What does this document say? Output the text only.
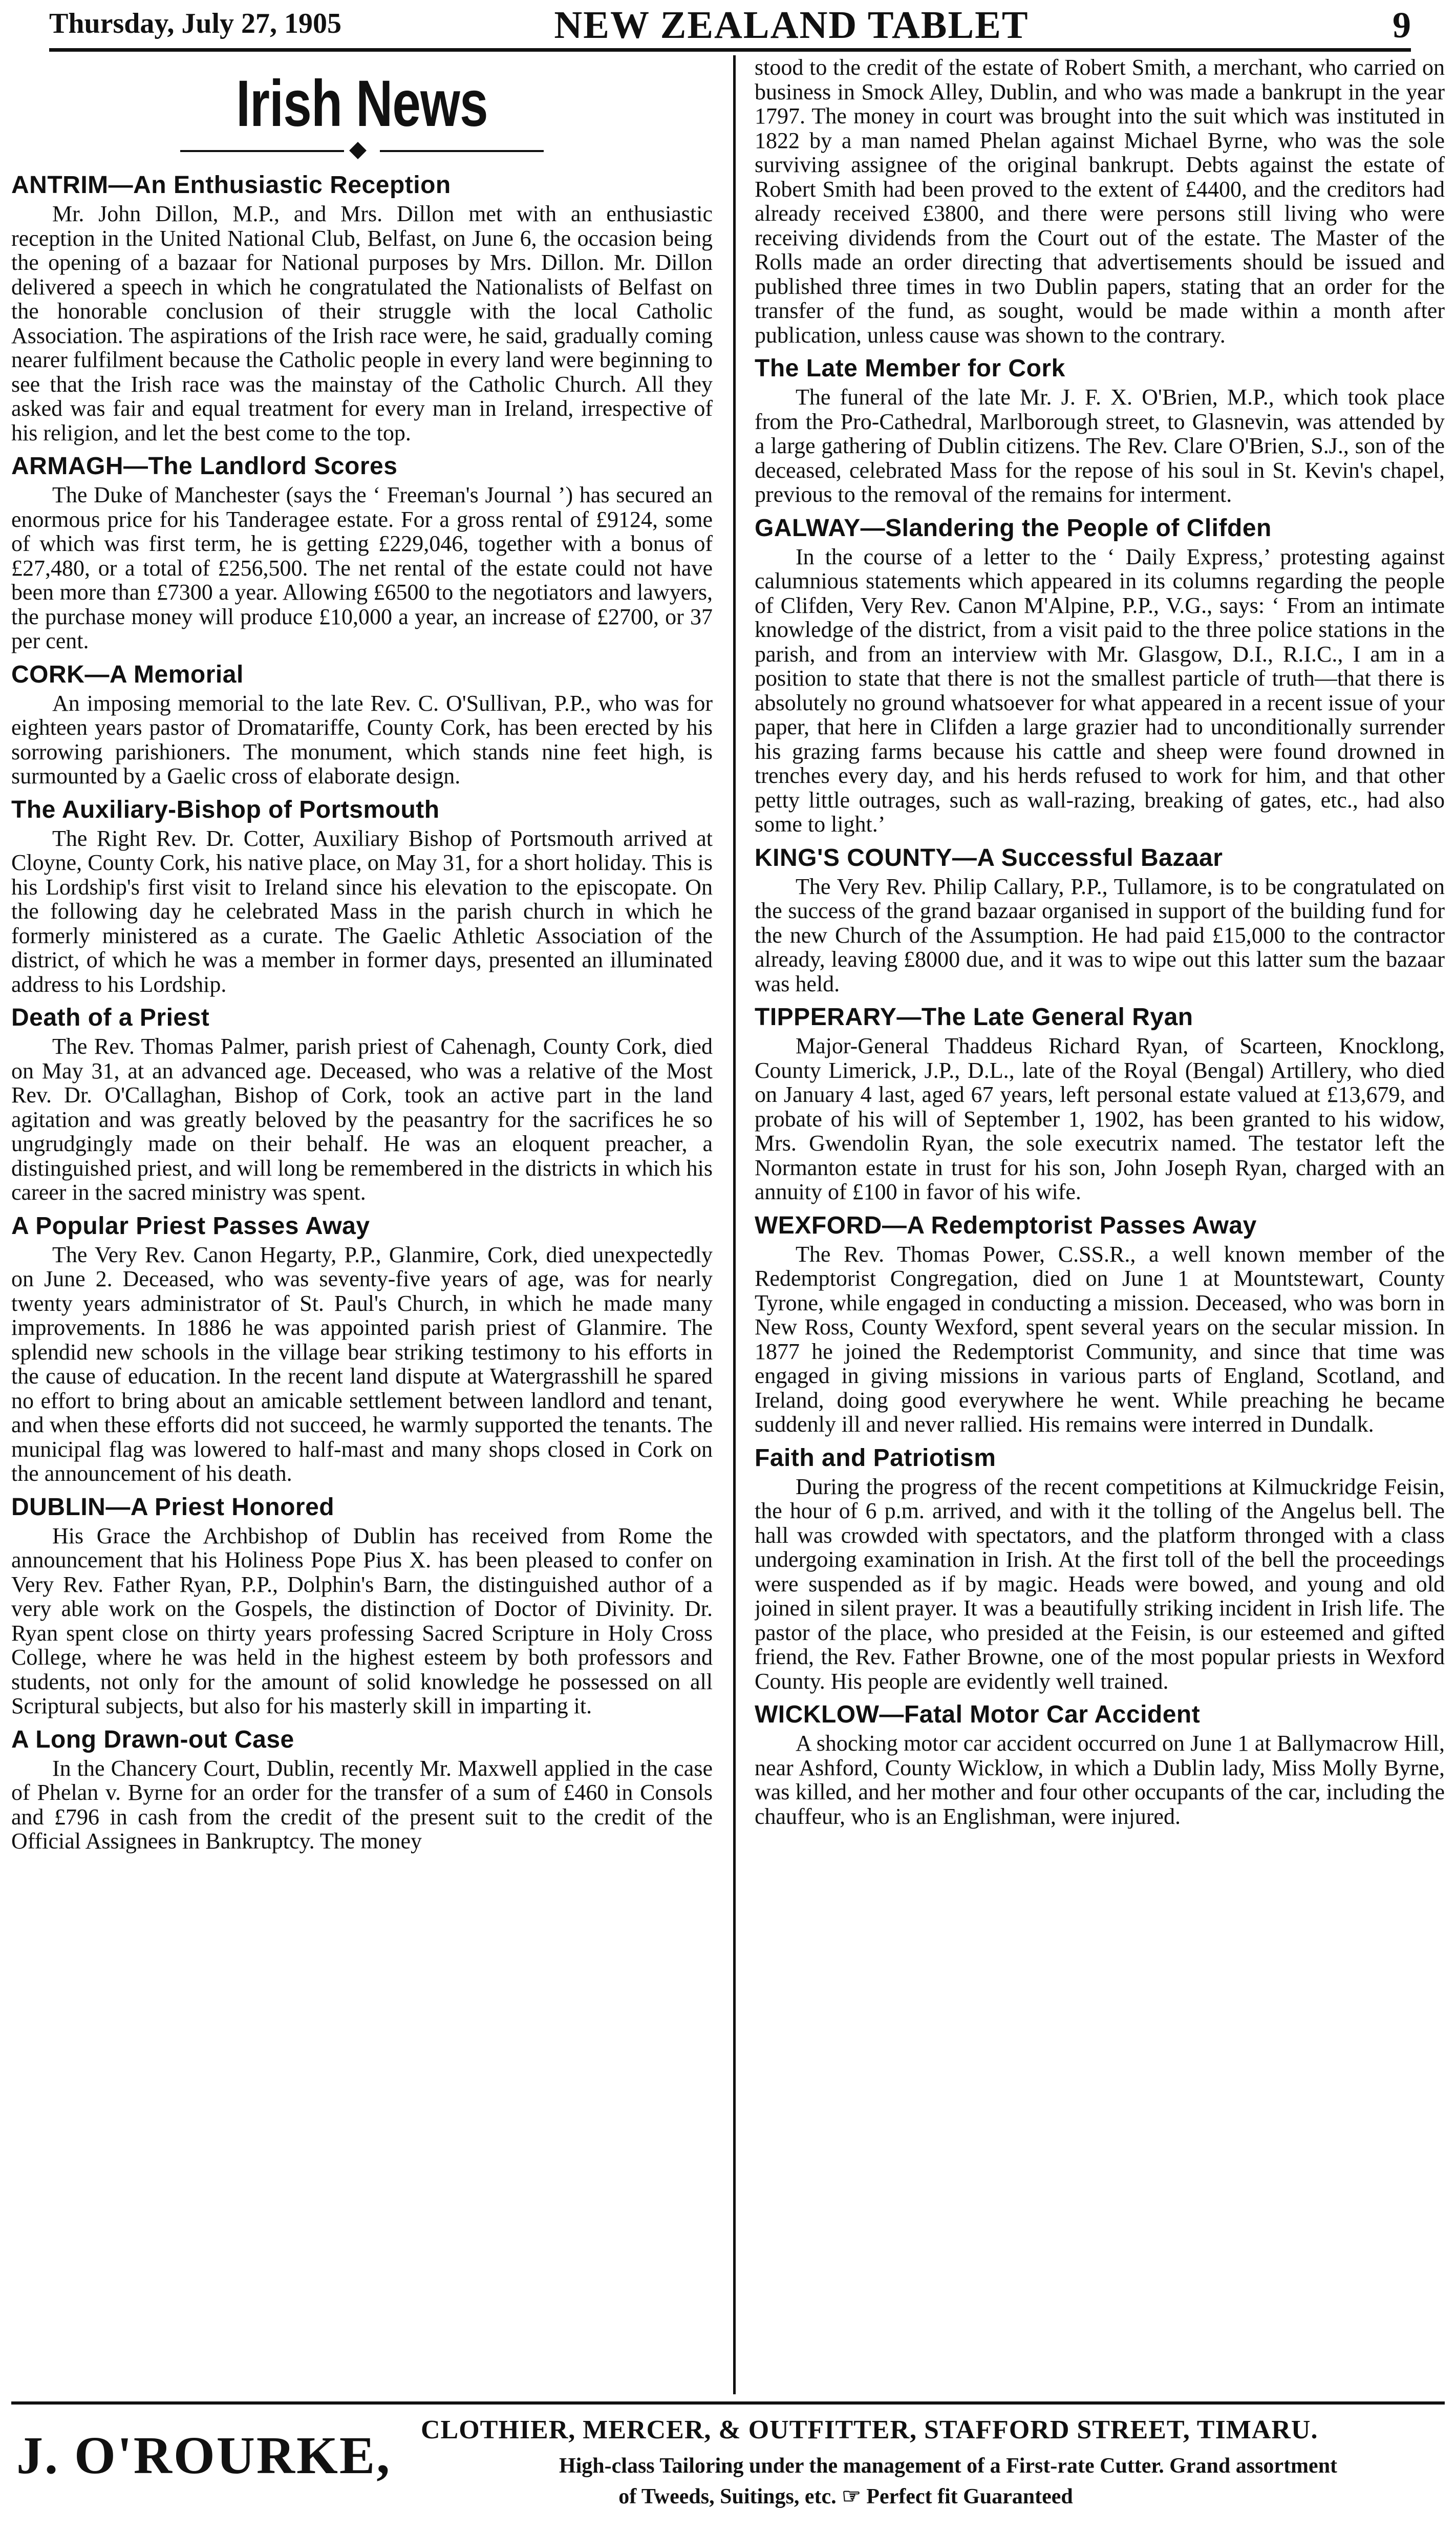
Thursday, July 27, 1905	NEW ZEALAND TABLET	9
Irish News
ANTRIM—An Enthusiastic Reception

Mr. John Dillon, M.P., and Mrs. Dillon met with an enthusiastic reception in the United National Club, Belfast, on June 6, the occasion being the opening of a bazaar for National purposes by Mrs. Dillon. Mr. Dillon delivered a speech in which he congratulated the Nationalists of Belfast on the honorable conclusion of their struggle with the local Catholic Association. The aspirations of the Irish race were, he said, gradually coming nearer fulfilment because the Catholic people in every land were beginning to see that the Irish race was the mainstay of the Catholic Church. All they asked was fair and equal treatment for every man in Ireland, irrespective of his religion, and let the best come to the top.

ARMAGH—The Landlord Scores

The Duke of Manchester (says the ‘ Freeman's Journal ’) has secured an enormous price for his Tanderagee estate. For a gross rental of £9124, some of which was first term, he is getting £229,046, together with a bonus of £27,480, or a total of £256,500. The net rental of the estate could not have been more than £7300 a year. Allowing £6500 to the negotiators and lawyers, the purchase money will produce £10,000 a year, an increase of £2700, or 37 per cent.

CORK—A Memorial

An imposing memorial to the late Rev. C. O'Sullivan, P.P., who was for eighteen years pastor of Dromatariffe, County Cork, has been erected by his sorrowing parishioners. The monument, which stands nine feet high, is surmounted by a Gaelic cross of elaborate design.

The Auxiliary-Bishop of Portsmouth

The Right Rev. Dr. Cotter, Auxiliary Bishop of Portsmouth arrived at Cloyne, County Cork, his native place, on May 31, for a short holiday. This is his Lordship's first visit to Ireland since his elevation to the episcopate. On the following day he celebrated Mass in the parish church in which he formerly ministered as a curate. The Gaelic Athletic Association of the district, of which he was a member in former days, presented an illuminated address to his Lordship.

Death of a Priest

The Rev. Thomas Palmer, parish priest of Cahenagh, County Cork, died on May 31, at an advanced age. Deceased, who was a relative of the Most Rev. Dr. O'Callaghan, Bishop of Cork, took an active part in the land agitation and was greatly beloved by the peasantry for the sacrifices he so ungrudgingly made on their behalf. He was an eloquent preacher, a distinguished priest, and will long be remembered in the districts in which his career in the sacred ministry was spent.

A Popular Priest Passes Away

The Very Rev. Canon Hegarty, P.P., Glanmire, Cork, died unexpectedly on June 2. Deceased, who was seventy-five years of age, was for nearly twenty years administrator of St. Paul's Church, in which he made many improvements. In 1886 he was appointed parish priest of Glanmire. The splendid new schools in the village bear striking testimony to his efforts in the cause of education. In the recent land dispute at Watergrasshill he spared no effort to bring about an amicable settlement between landlord and tenant, and when these efforts did not succeed, he warmly supported the tenants. The municipal flag was lowered to half-mast and many shops closed in Cork on the announcement of his death.

DUBLIN—A Priest Honored

His Grace the Archbishop of Dublin has received from Rome the announcement that his Holiness Pope Pius X. has been pleased to confer on Very Rev. Father Ryan, P.P., Dolphin's Barn, the distinguished author of a very able work on the Gospels, the distinction of Doctor of Divinity. Dr. Ryan spent close on thirty years professing Sacred Scripture in Holy Cross College, where he was held in the highest esteem by both professors and students, not only for the amount of solid knowledge he possessed on all Scriptural subjects, but also for his masterly skill in imparting it.

A Long Drawn-out Case

In the Chancery Court, Dublin, recently Mr. Maxwell applied in the case of Phelan v. Byrne for an order for the transfer of a sum of £460 in Consols and £796 in cash from the credit of the present suit to the credit of the Official Assignees in Bankruptcy. The money

stood to the credit of the estate of Robert Smith, a merchant, who carried on business in Smock Alley, Dublin, and who was made a bankrupt in the year 1797. The money in court was brought into the suit which was instituted in 1822 by a man named Phelan against Michael Byrne, who was the sole surviving assignee of the original bankrupt. Debts against the estate of Robert Smith had been proved to the extent of £4400, and the creditors had already received £3800, and there were persons still living who were receiving dividends from the Court out of the estate. The Master of the Rolls made an order directing that advertisements should be issued and published three times in two Dublin papers, stating that an order for the transfer of the fund, as sought, would be made within a month after publication, unless cause was shown to the contrary.

The Late Member for Cork

The funeral of the late Mr. J. F. X. O'Brien, M.P., which took place from the Pro-Cathedral, Marlborough street, to Glasnevin, was attended by a large gathering of Dublin citizens. The Rev. Clare O'Brien, S.J., son of the deceased, celebrated Mass for the repose of his soul in St. Kevin's chapel, previous to the removal of the remains for interment.

GALWAY—Slandering the People of Clifden

In the course of a letter to the ‘ Daily Express,’ protesting against calumnious statements which appeared in its columns regarding the people of Clifden, Very Rev. Canon M'Alpine, P.P., V.G., says: ‘ From an intimate knowledge of the district, from a visit paid to the three police stations in the parish, and from an interview with Mr. Glasgow, D.I., R.I.C., I am in a position to state that there is not the smallest particle of truth—that there is absolutely no ground whatsoever for what appeared in a recent issue of your paper, that here in Clifden a large grazier had to unconditionally surrender his grazing farms because his cattle and sheep were found drowned in trenches every day, and his herds refused to work for him, and that other petty little outrages, such as wall-razing, breaking of gates, etc., had also some to light.’

KING'S COUNTY—A Successful Bazaar

The Very Rev. Philip Callary, P.P., Tullamore, is to be congratulated on the success of the grand bazaar organised in support of the building fund for the new Church of the Assumption. He had paid £15,000 to the contractor already, leaving £8000 due, and it was to wipe out this latter sum the bazaar was held.

TIPPERARY—The Late General Ryan

Major-General Thaddeus Richard Ryan, of Scarteen, Knocklong, County Limerick, J.P., D.L., late of the Royal (Bengal) Artillery, who died on January 4 last, aged 67 years, left personal estate valued at £13,679, and probate of his will of September 1, 1902, has been granted to his widow, Mrs. Gwendolin Ryan, the sole executrix named. The testator left the Normanton estate in trust for his son, John Joseph Ryan, charged with an annuity of £100 in favor of his wife.

WEXFORD—A Redemptorist Passes Away

The Rev. Thomas Power, C.SS.R., a well known member of the Redemptorist Congregation, died on June 1 at Mountstewart, County Tyrone, while engaged in conducting a mission. Deceased, who was born in New Ross, County Wexford, spent several years on the secular mission. In 1877 he joined the Redemptorist Community, and since that time was engaged in giving missions in various parts of England, Scotland, and Ireland, doing good everywhere he went. While preaching he became suddenly ill and never rallied. His remains were interred in Dundalk.

Faith and Patriotism

During the progress of the recent competitions at Kilmuckridge Feisin, the hour of 6 p.m. arrived, and with it the tolling of the Angelus bell. The hall was crowded with spectators, and the platform thronged with a class undergoing examination in Irish. At the first toll of the bell the proceedings were suspended as if by magic. Heads were bowed, and young and old joined in silent prayer. It was a beautifully striking incident in Irish life. The pastor of the place, who presided at the Feisin, is our esteemed and gifted friend, the Rev. Father Browne, one of the most popular priests in Wexford County. His people are evidently well trained.

WICKLOW—Fatal Motor Car Accident

A shocking motor car accident occurred on June 1 at Ballymacrow Hill, near Ashford, County Wicklow, in which a Dublin lady, Miss Molly Byrne, was killed, and her mother and four other occupants of the car, including the chauffeur, who is an Englishman, were injured.

J. O'ROURKE, CLOTHIER, MERCER, & OUTFITTER, STAFFORD STREET, TIMARU.
High-class Tailoring under the management of a First-rate Cutter. Grand assortment
of Tweeds, Suitings, etc. ☞ Perfect fit Guaranteed
